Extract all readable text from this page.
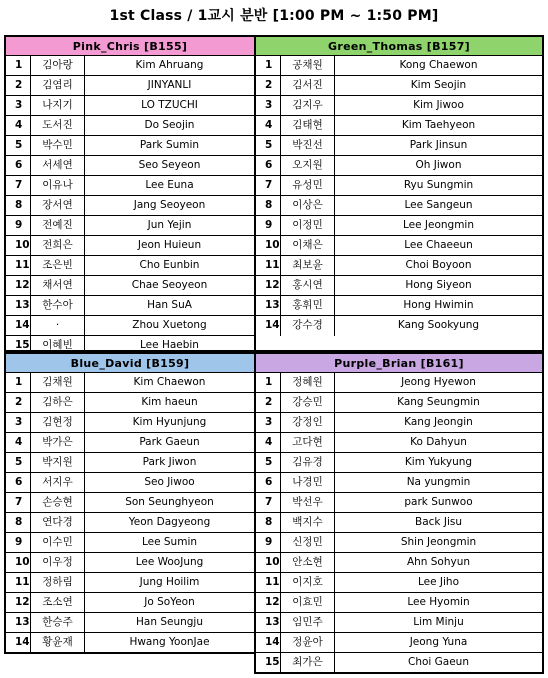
1st Class / 1교시 분반 [1:00 PM ~ 1:50 PM]
Pink_Chris [B155]
1	김아랑	Kim Ahruang
2	김염리	JINYANLI
3	나지기	LO TZUCHI
4	도서진	Do Seojin
5	박수민	Park Sumin
6	서세연	Seo Seyeon
7	이유나	Lee Euna
8	장서연	Jang Seoyeon
9	전예진	Jun Yejin
10	전희은	Jeon Huieun
11	조은빈	Cho Eunbin
12	채서연	Chae Seoyeon
13	한수아	Han SuA
14	·	Zhou Xuetong
15	이혜빈	Lee Haebin
Green_Thomas [B157]
1	공채원	Kong Chaewon
2	김서진	Kim Seojin
3	김지우	Kim Jiwoo
4	김태현	Kim Taehyeon
5	박진선	Park Jinsun
6	오지원	Oh Jiwon
7	유성민	Ryu Sungmin
8	이상은	Lee Sangeun
9	이정민	Lee Jeongmin
10	이채은	Lee Chaeeun
11	최보윤	Choi Boyoon
12	홍시연	Hong Siyeon
13	홍휘민	Hong Hwimin
14	강수경	Kang Sookyung
Blue_David [B159]
1	김채원	Kim Chaewon
2	김하은	Kim haeun
3	김현정	Kim Hyunjung
4	박가은	Park Gaeun
5	박지원	Park Jiwon
6	서지우	Seo Jiwoo
7	손승현	Son Seunghyeon
8	연다경	Yeon Dagyeong
9	이수민	Lee Sumin
10	이우정	Lee WooJung
11	정하림	Jung Hoilim
12	조소연	Jo SoYeon
13	한승주	Han Seungju
14	황윤재	Hwang YoonJae
Purple_Brian [B161]
1	정혜원	Jeong Hyewon
2	강승민	Kang Seungmin
3	강정인	Kang Jeongin
4	고다현	Ko Dahyun
5	김유경	Kim Yukyung
6	나경민	Na yungmin
7	박선우	park Sunwoo
8	백지수	Back Jisu
9	신정민	Shin Jeongmin
10	안소현	Ahn Sohyun
11	이지호	Lee Jiho
12	이효민	Lee Hyomin
13	임민주	Lim Minju
14	정윤아	Jeong Yuna
15	최가은	Choi Gaeun
